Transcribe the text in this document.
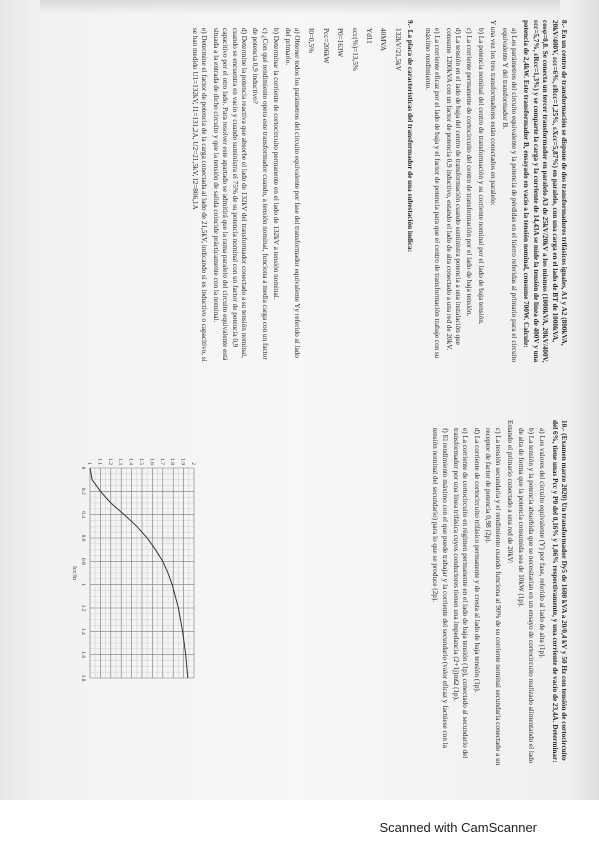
8.- En un centro de transformación se dispone de dos transformadores trifásicos iguales, A1 y A2 (800kVA, 20kV/400V, εcc=6%, εRcc=1,25%, εXcc=5,87%) en paralelo, con una carga en el lado de BT de 1000kVA, cosφ=0,8. Se conecta un tercer transformador en paralelo A3 de 25kV/20kV a los mismos (1000kVA, 20kV/400V, εcc=5,7%, εRcc=1,3%) y se comparte la carga y la corriente de 14,43A se mide la tensión de línea de 400V y una potencia de 2,4kW. Este transformador B, ensayado en vacío a la tensión nominal, consume 700W. Calcule:

a) Los parámetros del circuito equivalente y la potencia de pérdidas en el hierro referidas al primario para el circuito equivalente Y del transformador B.

Y una vez los tres transformadores están conectados en paralelo:

b) La potencia nominal del centro de transformación y su corriente nominal por el lado de baja tensión.

c) La corriente permanente de cortocircuito del centro de transformación por el lado de baja tensión.

d) La tensión en el lado de baja del centro de transformación cuando suministra potencia a una instalación que consume 1200kVA con un factor de potencia 0,9 inductivo, estando el lado de alta conectado a una red de 20kV.

e) La corriente eficaz por el lado de baja y el factor de potencia para que el centro de transformación trabaje con su máximo rendimiento.

9.- La placa de características del transformador de una subestación indica:

132kV/21,5kV
40MVA
Yd11
εcc(%)=13,5%
P0=163W
Pcc=206kW
I0=0,5%

a) Obtener todos los parámetros del circuito equivalente por fase del transformador equivalente Yy referido al lado del primario.

b) Determinar la corriente de cortocircuito permanente en el lado de 132kV a tensión nominal.

c) ¿Con qué rendimiento opera este transformador cuando, a tensión nominal, funciona a media carga con un factor de potencia 0,9 inductivo?

d) Determine la potencia reactiva que absorbe el lado de 132kV del transformador conectado a su tensión nominal, cuando se encuentra en vacío y cuando suministra el 75% de su potencia nominal con un factor de potencia 0,9 capacitivo por el otro lado. Para resolver este apartado se admitirá que la rama paralelo del circuito equivalente está situada a la entrada de dicho circuito y que la tensión de salida coincide prácticamente con la nominal.

e) Determine el factor de potencia de la carga conectada al lado de 21,5kV, indicando si es inductivo o capacitivo, si se han medido U1=132kV, I1=131,2A, U2=21,5kV, I2=806,1A

10.- (Examen marzo 2020) Un transformador Dy5 de 1600 kVA a 20/0,4 kV y 50 Hz con tensión de cortocircuito del 6%, tiene unas Pcc y P0 del 0,16% y 1,06% respectivamente, y una corriente de vacío de 23,4A. Determinar:

a) Los valores del circuito equivalente (Y) por fase, referido al lado de alta (1p).

b) La tensión y la potencia absorbida que se necesitarían en un ensayo de cortocircuito realizado alimentando el lado de alta de forma que la potencia consumida sea de 10kW (1p).

Estando el primario conectado a una red de 20kV:

c) La tensión secundaria y el rendimiento cuando funciona al 90% de su corriente nominal secundaria conectado a un receptor de factor de potencia 0,98 (2p).

d) La corriente de cortocircuito trifásico permanente y de cresta al lado de baja tensión (1p).

e) La corriente de cortocircuito en régimen permanente en el lado de baja tensión (1p), conectado al secundario del transformador por una línea trifásica cuyos conductores tienen una impedancia (2+1j)mΩ (1p).

f) El rendimiento máximo con el que puede trabajar y la corriente del secundario (valor eficaz y factúese con la tensión nominal del secundario) para lo que se produce (2p).

0
0.2
0.4
0.6
0.8
1
1.2
1.4
1.6
1.8
1 1.1 1.2 1.3 1.4 1.5 1.6 1.7 1.8 1.9 2
Icc/In
Scanned with CamScanner
